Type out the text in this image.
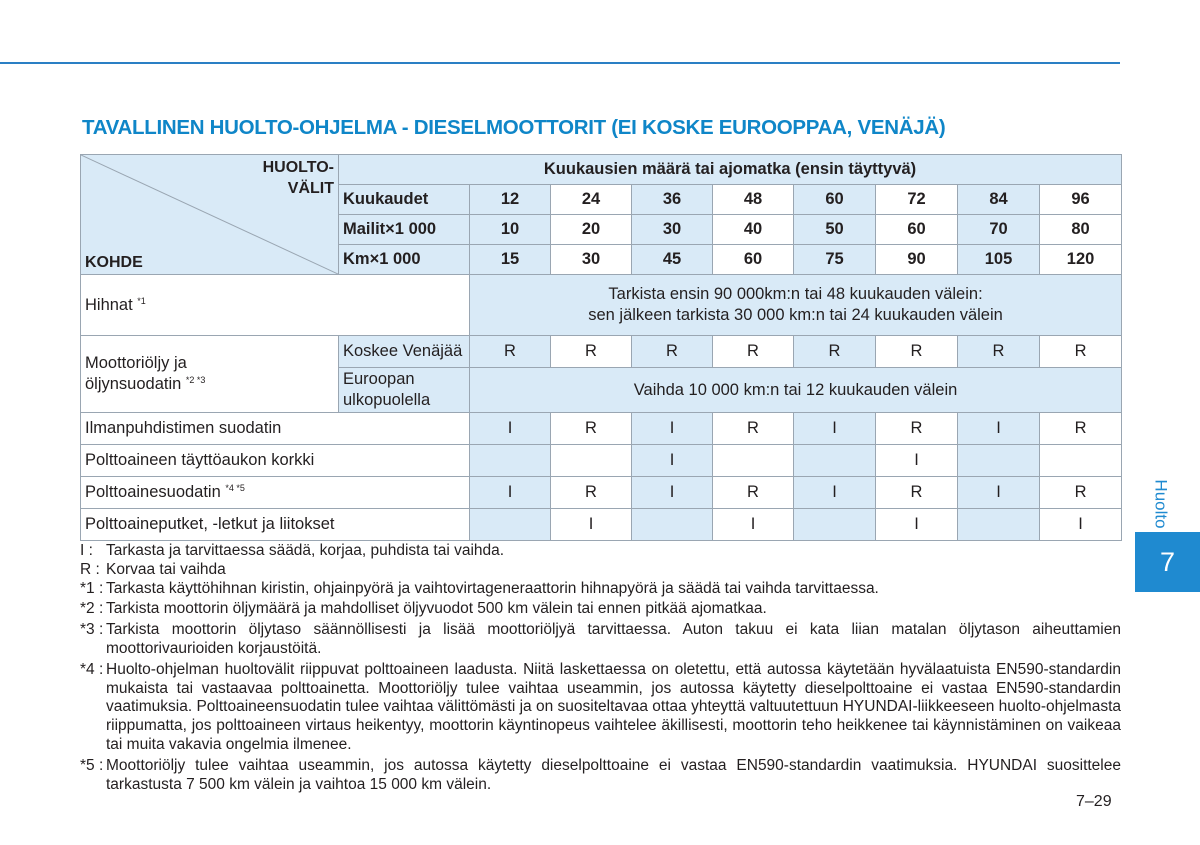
TAVALLINEN HUOLTO-OHJELMA - DIESELMOOTTORIT (EI KOSKE EUROOPPAA, VENÄJÄ)
HUOLTO-
VÄLIT
KOHDE	Kuukausien määrä tai ajomatka (ensin täyttyvä)								
	Kuukaudet	12	24	36	48	60	72	84	96
	Mailit×1 000	10	20	30	40	50	60	70	80
	Km×1 000	15	30	45	60	75	90	105	120
Hihnat $^{*1}$		Tarkista ensin 90 000km:n tai 48 kuukauden välein:
sen jälkeen tarkista 30 000 km:n tai 24 kuukauden välein							

Moottoriöljy ja
öljynsuodatin $^{*2 *3}$	Koskee Venäjää	R	R	R	R	R	R	R	R

	Euroopan
ulkopuolella	Vaihda 10 000 km:n tai 12 kuukauden välein							
Ilmanpuhdistimen suodatin		I	R	I	R	I	R	I	R
Polttoaineen täyttöaukon korkki				I			I		
Polttoainesuodatin $^{*4 *5}$		I	R	I	R	I	R	I	R
Polttoaineputket, -letkut ja liitokset			I		I		I		I
I : Tarkasta ja tarvittaessa säädä, korjaa, puhdista tai vaihda.
R : Korvaa tai vaihda
*1 : Tarkasta käyttöhihnan kiristin, ohjainpyörä ja vaihtovirtageneraattorin hihnapyörä ja säädä tai vaihda tarvittaessa.
*2 : Tarkista moottorin öljymäärä ja mahdolliset öljyvuodot 500 km välein tai ennen pitkää ajomatkaa.
*3 : Tarkista moottorin öljytaso säännöllisesti ja lisää moottoriöljyä tarvittaessa. Auton takuu ei kata liian matalan öljytason aiheuttamien moottorivaurioiden korjaustöitä.
*4 : Huolto-ohjelman huoltovälit riippuvat polttoaineen laadusta. Niitä laskettaessa on oletettu, että autossa käytetään hyvälaatuista EN590-standardin mukaista tai vastaavaa polttoainetta. Moottoriöljy tulee vaihtaa useammin, jos autossa käytetty dieselpolttoaine ei vastaa EN590-standardin vaatimuksia. Polttoaineensuodatin tulee vaihtaa välittömästi ja on suositeltavaa ottaa yhteyttä valtuutettuun HYUNDAI-liikkeeseen huolto-ohjelmasta riippumatta, jos polttoaineen virtaus heikentyy, moottorin käyntinopeus vaihtelee äkillisesti, moottorin teho heikkenee tai käynnistäminen on vaikeaa tai muita vakavia ongelmia ilmenee.
*5 : Moottoriöljy tulee vaihtaa useammin, jos autossa käytetty dieselpolttoaine ei vastaa EN590-standardin vaatimuksia. HYUNDAI suosittelee tarkastusta 7 500 km välein ja vaihtoa 15 000 km välein.
Huolto
7
7–29
